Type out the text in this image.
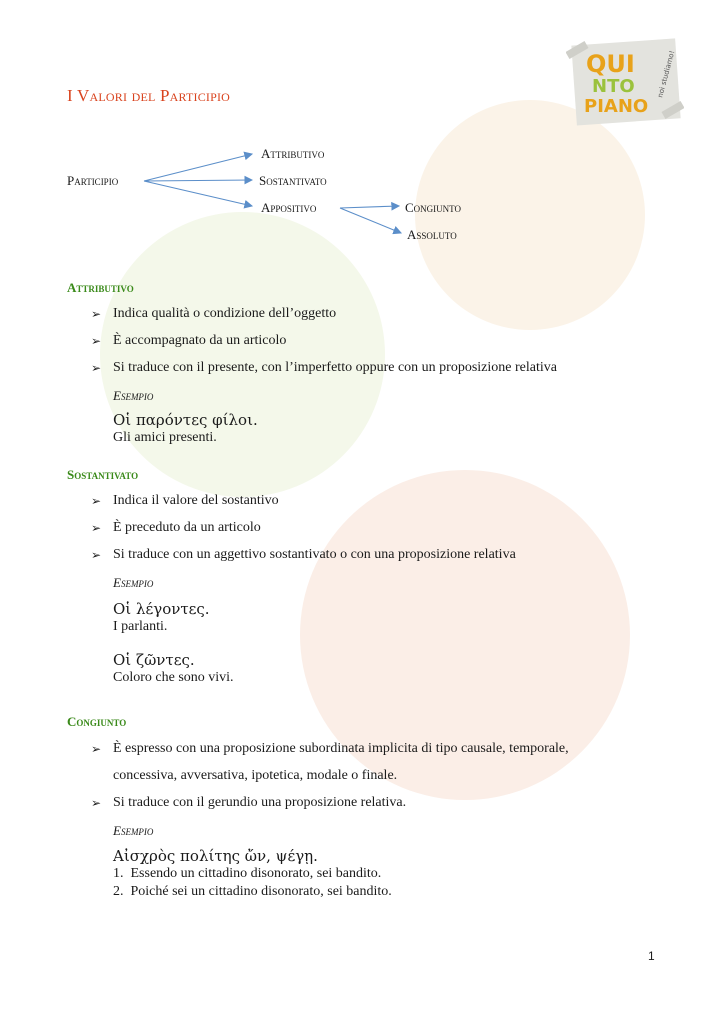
QUI
NTO
PIANO
noi studiamo!
I Valori del Participio
Participio
Attributivo
Sostantivato
Appositivo	Congiunto
Assoluto
Attributivo
➢ Indica qualità o condizione dell’oggetto
➢ È accompagnato da un articolo
➢ Si traduce con il presente, con l’imperfetto oppure con un proposizione relativa
Esempio
Οἱ παρόντες φίλοι.
Gli amici presenti.
Sostantivato
➢ Indica il valore del sostantivo
➢ È preceduto da un articolo
➢ Si traduce con un aggettivo sostantivato o con una proposizione relativa
Esempio
Οἱ λέγοντες.
I parlanti.
Οἱ ζῶντες.
Coloro che sono vivi.
Congiunto
➢ È espresso con una proposizione subordinata implicita di tipo causale, temporale,
concessiva, avversativa, ipotetica, modale o finale.
➢ Si traduce con il gerundio una proposizione relativa.
Esempio
Αἰσχρὸς πολίτης ὤν, ψέγῃ.
1.  Essendo un cittadino disonorato, sei bandito.
2.  Poiché sei un cittadino disonorato, sei bandito.
1
